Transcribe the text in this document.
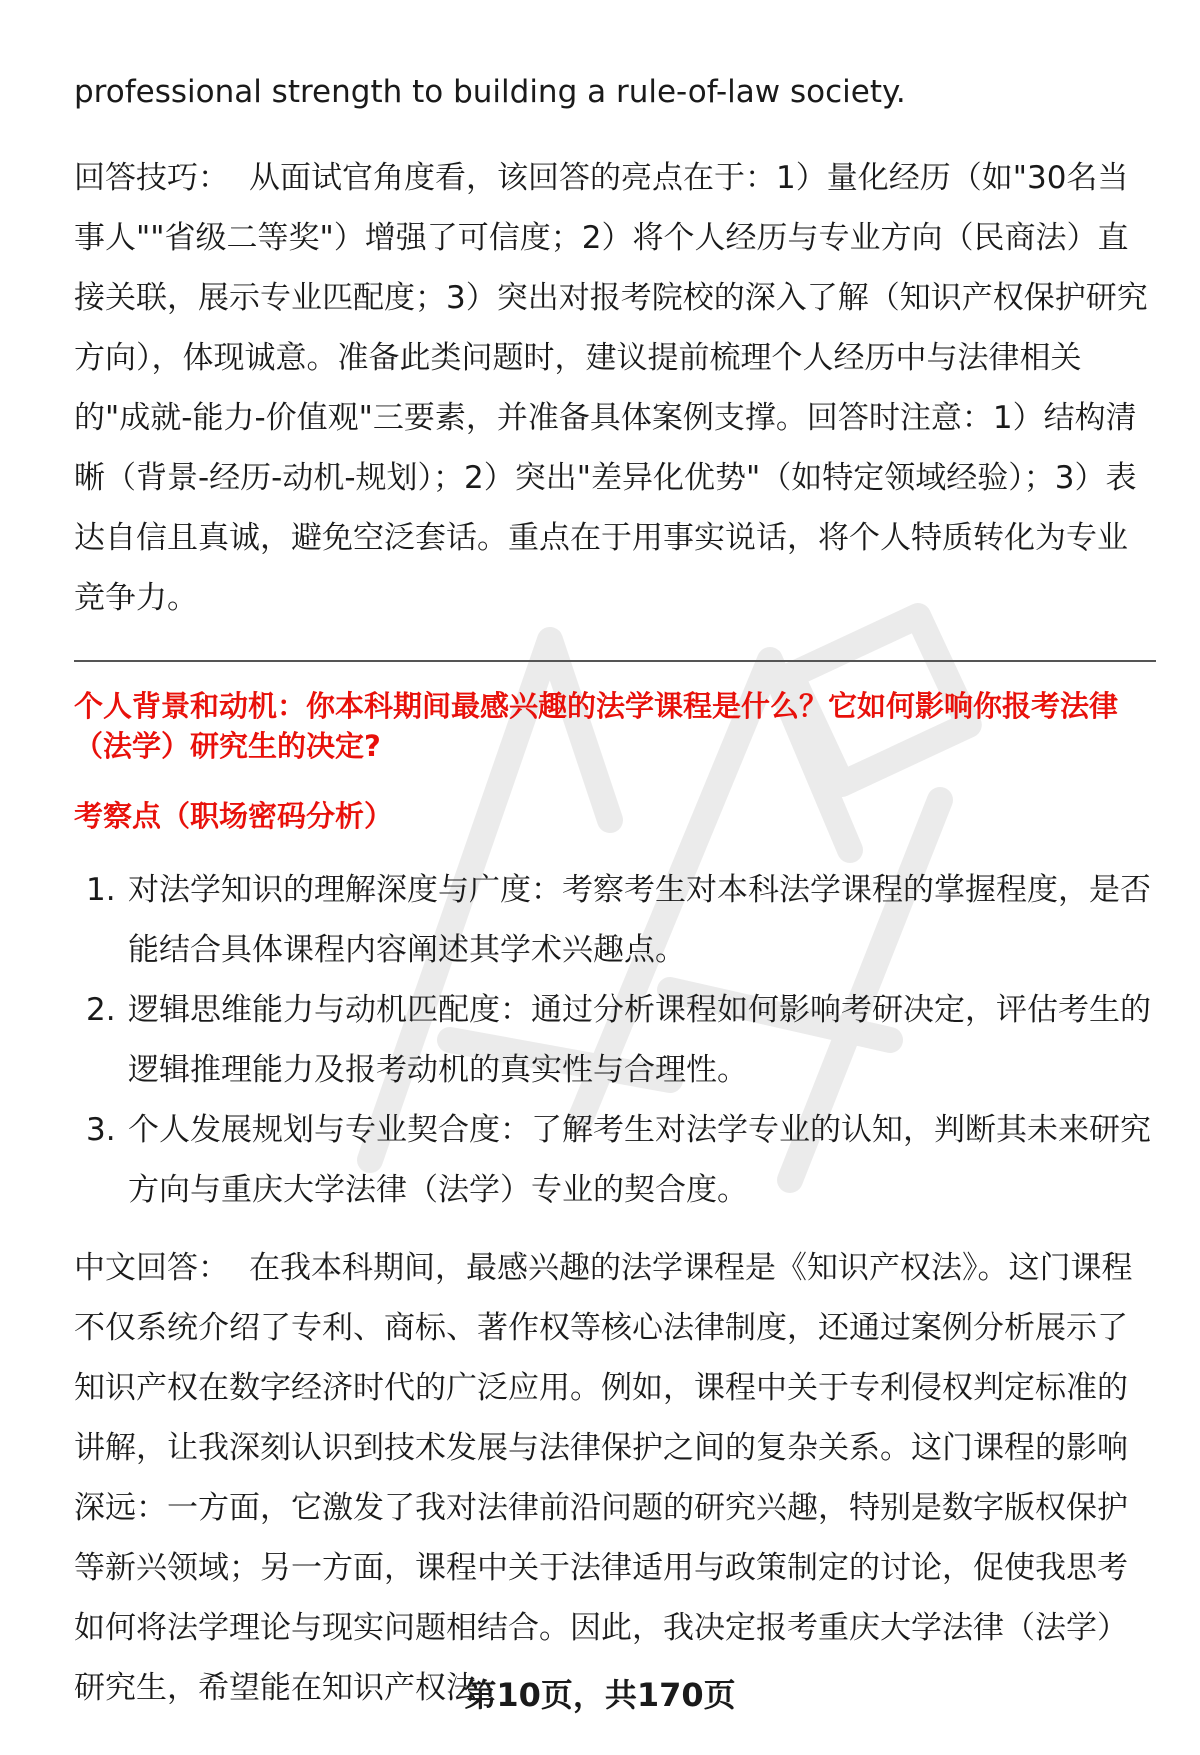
professional strength to building a rule-of-law society.

回答技巧： 从面试官角度看，该回答的亮点在于：1）量化经历（如"30名当事人""省级二等奖"）增强了可信度；2）将个人经历与专业方向（民商法）直接关联，展示专业匹配度；3）突出对报考院校的深入了解（知识产权保护研究方向），体现诚意。准备此类问题时，建议提前梳理个人经历中与法律相关的"成就-能力-价值观"三要素，并准备具体案例支撑。回答时注意：1）结构清晰（背景-经历-动机-规划）；2）突出"差异化优势"（如特定领域经验）；3）表达自信且真诚，避免空泛套话。重点在于用事实说话，将个人特质转化为专业竞争力。

个人背景和动机：你本科期间最感兴趣的法学课程是什么？它如何影响你报考法律（法学）研究生的决定?

考察点（职场密码分析）

1. 对法学知识的理解深度与广度：考察考生对本科法学课程的掌握程度，是否能结合具体课程内容阐述其学术兴趣点。
2. 逻辑思维能力与动机匹配度：通过分析课程如何影响考研决定，评估考生的逻辑推理能力及报考动机的真实性与合理性。
3. 个人发展规划与专业契合度：了解考生对法学专业的认知，判断其未来研究方向与重庆大学法律（法学）专业的契合度。

中文回答： 在我本科期间，最感兴趣的法学课程是《知识产权法》。这门课程不仅系统介绍了专利、商标、著作权等核心法律制度，还通过案例分析展示了知识产权在数字经济时代的广泛应用。例如，课程中关于专利侵权判定标准的讲解，让我深刻认识到技术发展与法律保护之间的复杂关系。这门课程的影响深远：一方面，它激发了我对法律前沿问题的研究兴趣，特别是数字版权保护等新兴领域；另一方面，课程中关于法律适用与政策制定的讨论，促使我思考如何将法学理论与现实问题相结合。因此，我决定报考重庆大学法律（法学）研究生，希望能在知识产权法

第10页，共170页
